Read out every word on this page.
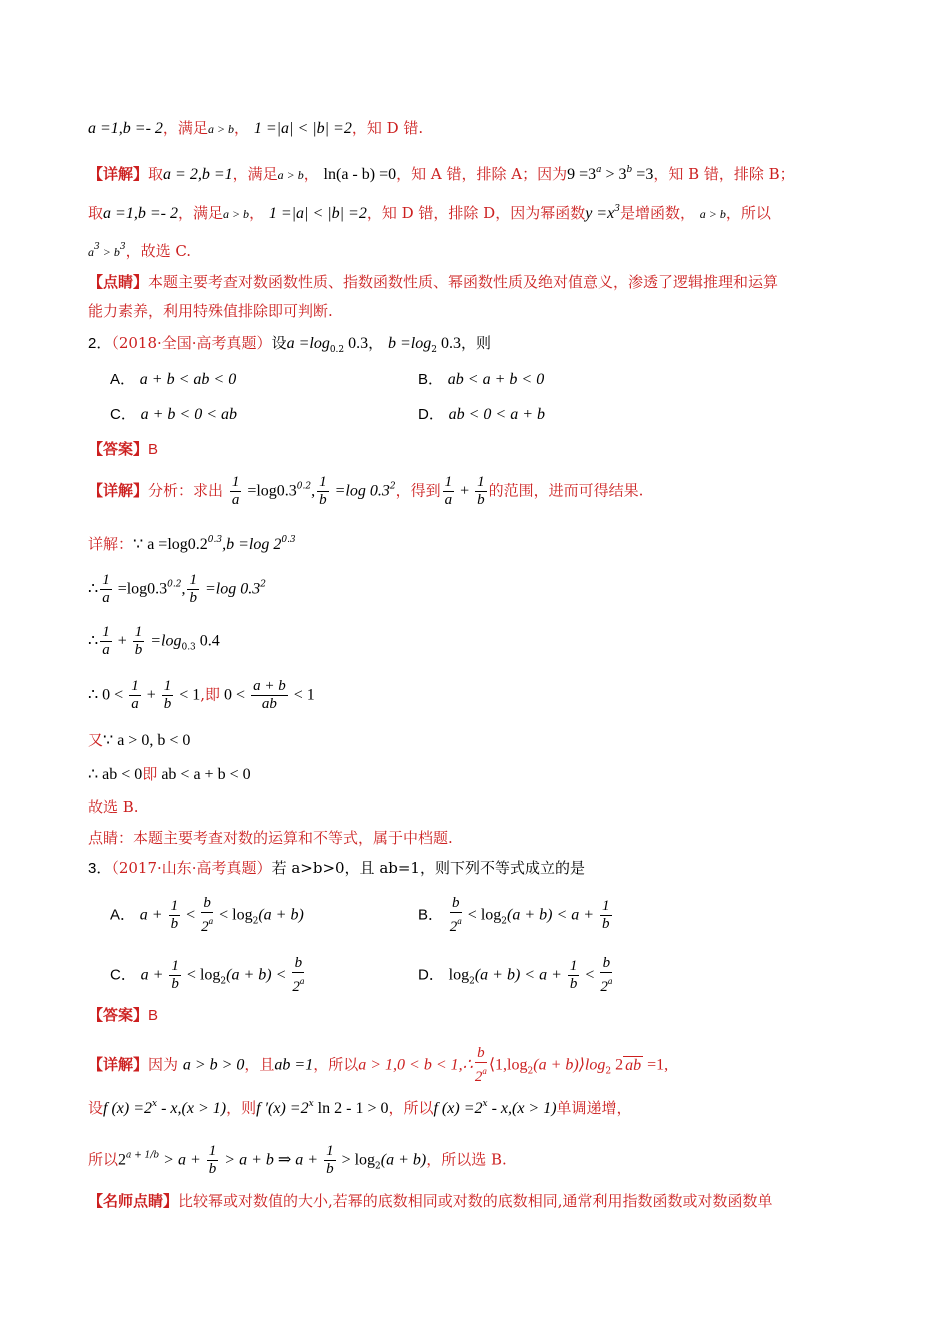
a =1,b =- 2，满足a > b， 1 =|a| < |b| =2，知 D 错.
【详解】取a = 2,b =1，满足a > b， ln(a - b) =0，知 A 错，排除 A；因为$9 =3^a > 3^b =3$，知 B 错，排除 B；
取a =1,b =- 2，满足a > b， 1 =|a| < |b| =2，知 D 错，排除 D，因为幂函数$y =x^3$是增函数， a > b，所以
$a^3 > b^3$，故选 C.
【点睛】本题主要考查对数函数性质、指数函数性质、幂函数性质及绝对值意义，渗透了逻辑推理和运算
能力素养，利用特殊值排除即可判断.
2．（2018·全国·高考真题）设$a =\log_{0.2}$ 0.3， $b =\log_2$ 0.3，则
A． a + b < ab < 0	B． ab < a + b < 0
C． a + b < 0 < ab	D． ab < 0 < a + b
【答案】B
【详解】分析：求出 $\frac{1}{a} =\log 0.3^{0.2}$, $\frac{1}{b} =\log$ $0.3^2$，得到 $\frac{1}{a} + \frac{1}{b}$ 的范围，进而可得结果.
详解：∵ $a =\log 0.2^{0.3},b =\log$ $2^{0.3}$
∴ $\frac{1}{a} =\log 0.3^{0.2}$, $\frac{1}{b} =\log$ $0.3^2$
∴ $\frac{1}{a} + \frac{1}{b} =\log_{0.3}$ 0.4
∴ $0 < \frac{1}{a} + \frac{1}{b} < 1$,即 $0 < \frac{a + b}{ab} < 1$
又∵ a > 0, b < 0
∴ ab < 0即 ab < a + b < 0
故选 B.
点睛：本题主要考查对数的运算和不等式，属于中档题.
3．（2017·山东·高考真题）若 a>b>0，且 ab=1，则下列不等式成立的是
A． $a + \frac{1}{b} < \frac{b}{2^a} < \log_2(a + b)$	B． $\frac{b}{2^a} < \log_2(a + b) < a + \frac{1}{b}$
C． $a + \frac{1}{b} < \log_2(a + b) < \frac{b}{2^a}$	D． $\log_2(a + b) < a + \frac{1}{b} < \frac{b}{2^a}$
【答案】B
【详解】因为 a > b > 0，且ab =1，所以a > 1,0 < b < 1,∴ $\frac{b}{2^a}$ $⟨1,\log_2(a$ + $b)⟩\log_2$ 2 ab =1,
设f $(x) =2^x - x,(x > 1)$，则f $'(x) =2^x$ ln 2 - 1 > 0，所以f $(x) =2^x - x,(x > 1)$单调递增，
所以$2^{a + 1/b} > a + \frac{1}{b} > a + b$ ⇒ $a + \frac{1}{b} > \log_2(a + b)$，所以选 B.
【名师点睛】比较幂或对数值的大小,若幂的底数相同或对数的底数相同,通常利用指数函数或对数函数单
